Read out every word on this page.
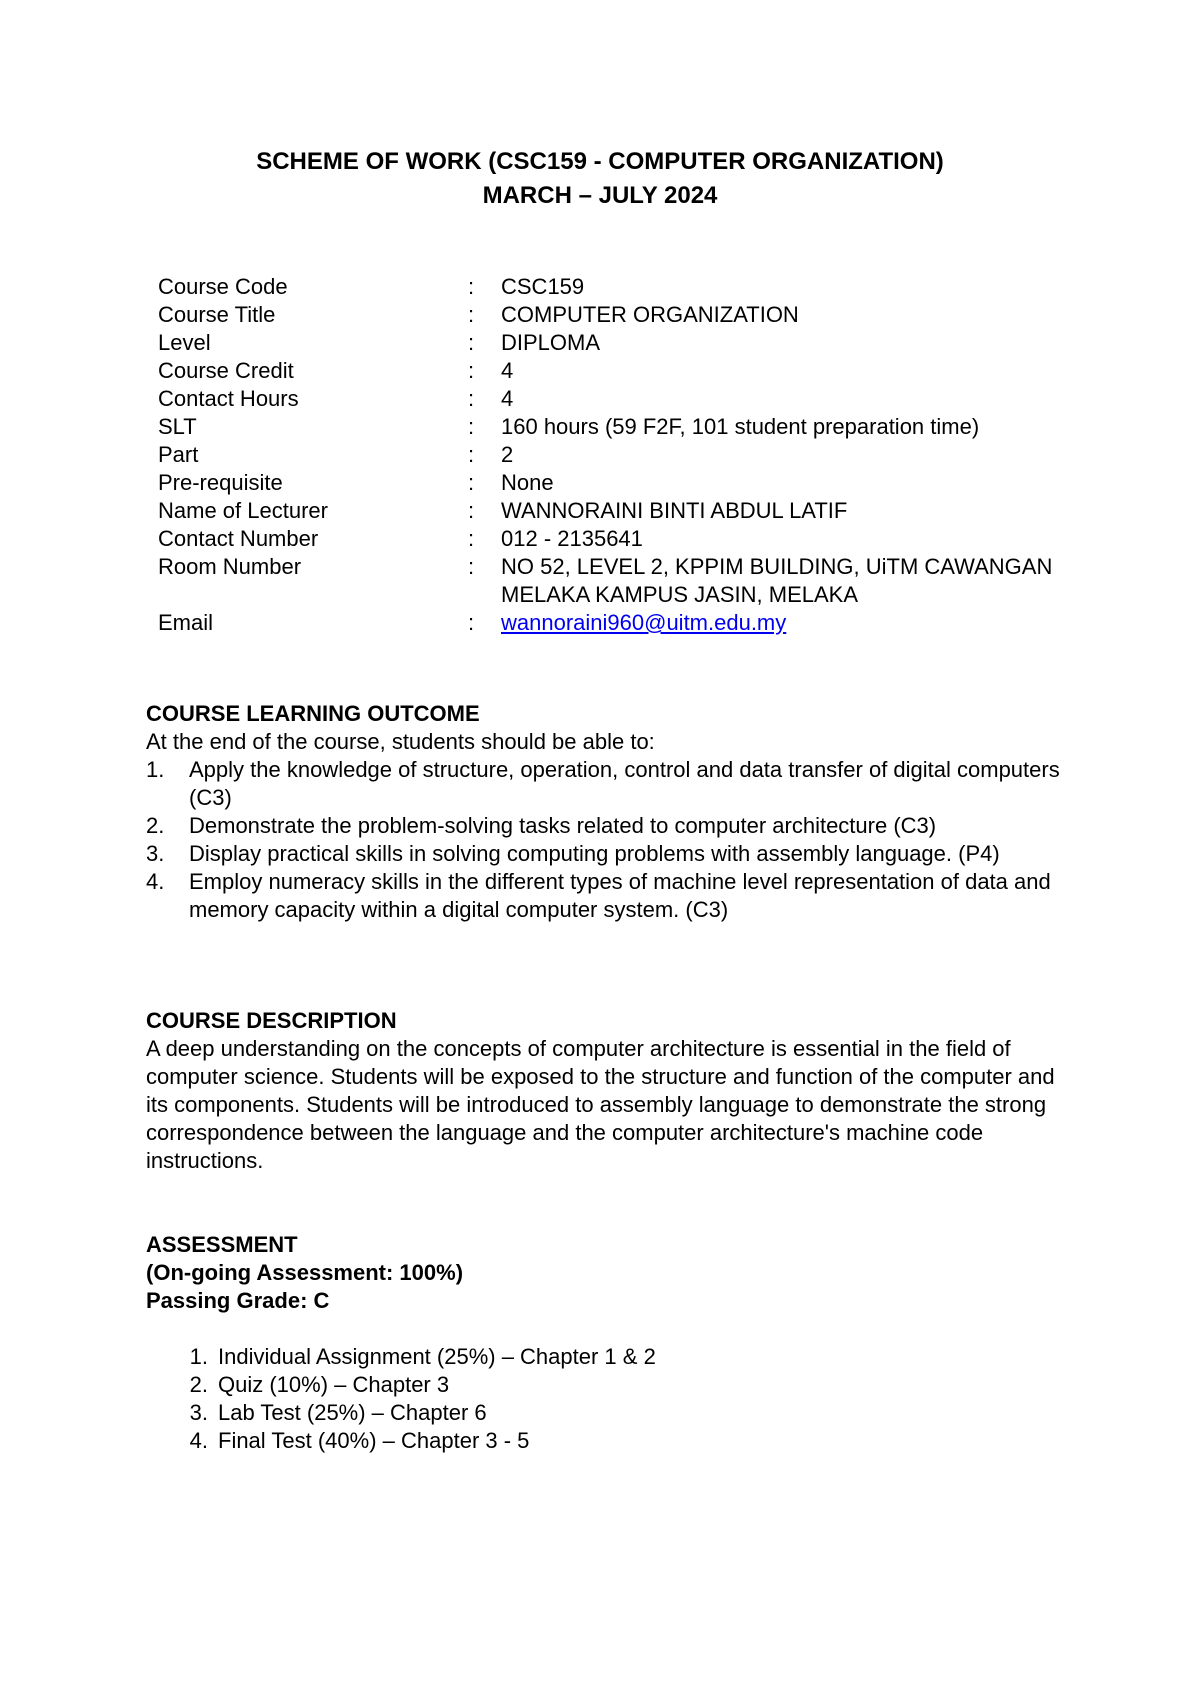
SCHEME OF WORK (CSC159 - COMPUTER ORGANIZATION)
MARCH – JULY 2024
Course Code	:	CSC159
Course Title	:	COMPUTER ORGANIZATION
Level	:	DIPLOMA
Course Credit	:	4
Contact Hours	:	4
SLT	:	160 hours (59 F2F, 101 student preparation time)
Part	:	2
Pre-requisite	:	None
Name of Lecturer	:	WANNORAINI BINTI ABDUL LATIF
Contact Number	:	012 - 2135641
Room Number	:	NO 52, LEVEL 2, KPPIM BUILDING, UiTM CAWANGAN MELAKA KAMPUS JASIN, MELAKA
Email	:	wannoraini960@uitm.edu.my
COURSE LEARNING OUTCOME

At the end of the course, students should be able to:

1.	Apply the knowledge of structure, operation, control and data transfer of digital computers (C3)
2.	Demonstrate the problem-solving tasks related to computer architecture (C3)
3.	Display practical skills in solving computing problems with assembly language. (P4)
4.	Employ numeracy skills in the different types of machine level representation of data and memory capacity within a digital computer system. (C3)
COURSE DESCRIPTION

A deep understanding on the concepts of computer architecture is essential in the field of computer science. Students will be exposed to the structure and function of the computer and its components. Students will be introduced to assembly language to demonstrate the strong correspondence between the language and the computer architecture's machine code instructions.

ASSESSMENT
(On-going Assessment: 100%)
Passing Grade: C
1. Individual Assignment (25%) – Chapter 1 & 2
2. Quiz (10%) – Chapter 3
3. Lab Test (25%) – Chapter 6
4. Final Test (40%) – Chapter 3 - 5
